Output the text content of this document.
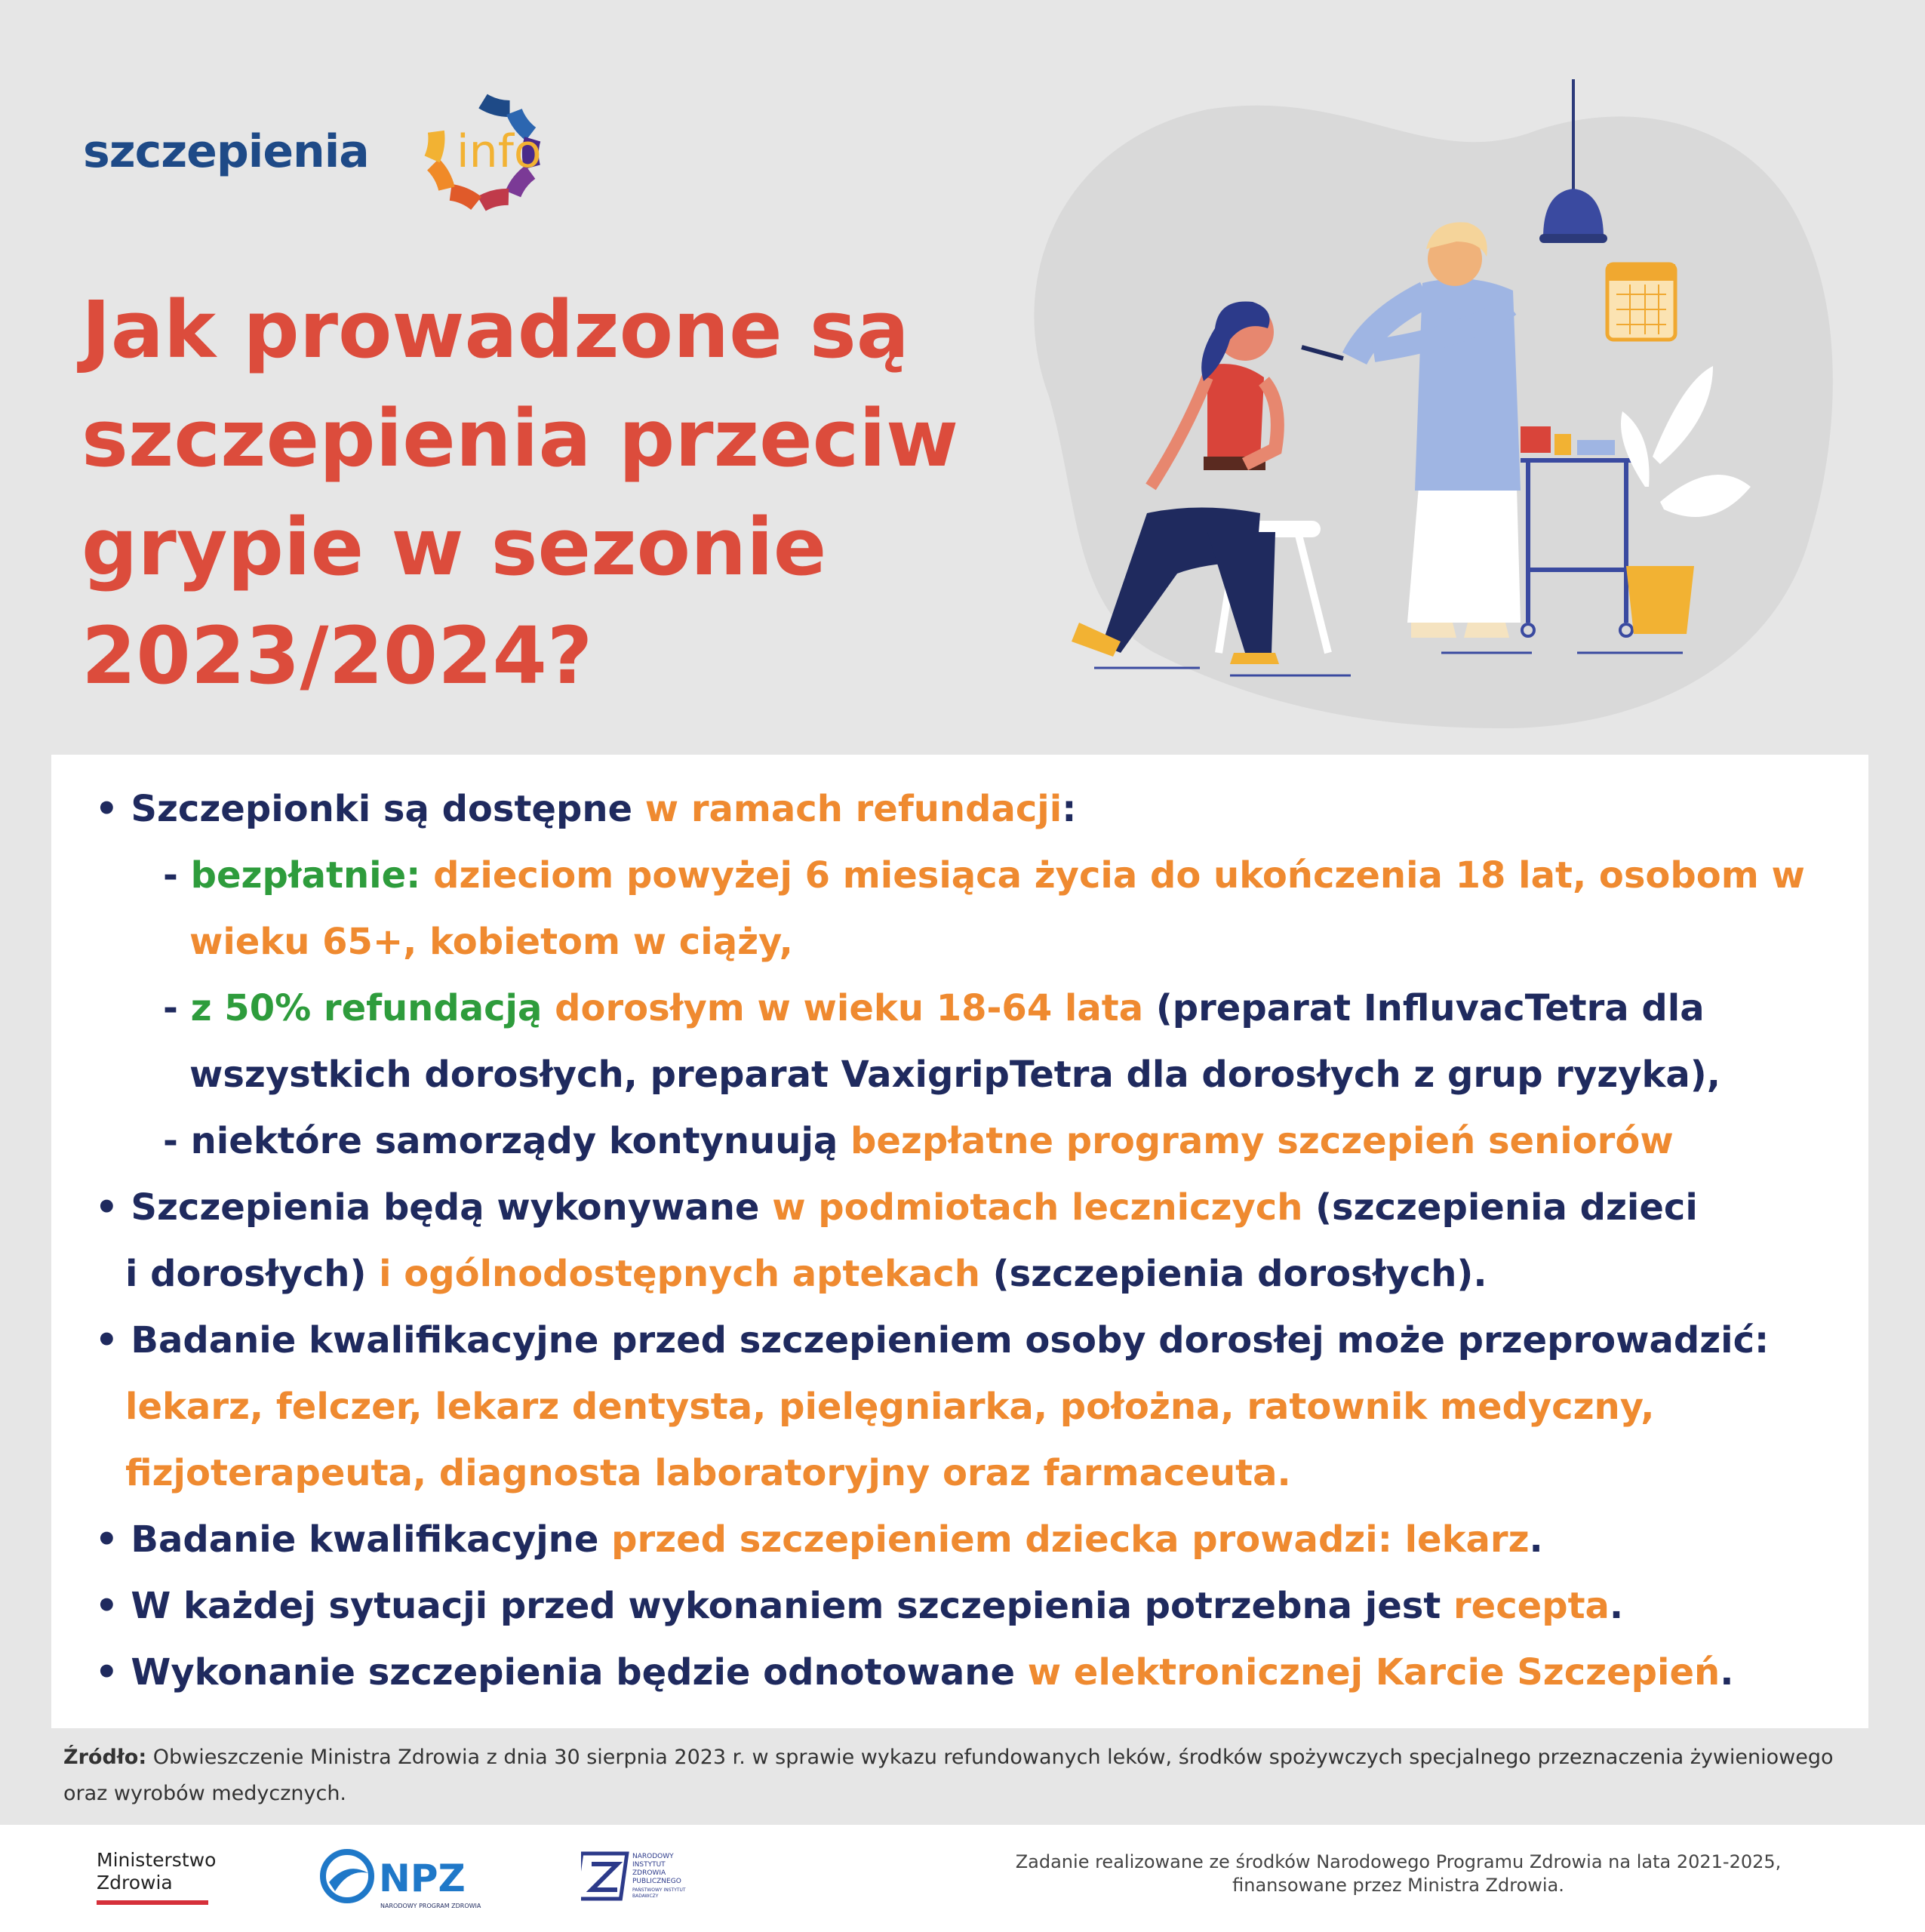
szczepienia info
Jak prowadzone są
szczepienia przeciw
grypie w sezonie
2023/2024?
• Szczepionki są dostępne w ramach refundacji:
- bezpłatnie: dzieciom powyżej 6 miesiąca życia do ukończenia 18 lat, osobom w
wieku 65+, kobietom w ciąży,
- z 50% refundacją dorosłym w wieku 18-64 lata (preparat InfluvacTetra dla
wszystkich dorosłych, preparat VaxigripTetra dla dorosłych z grup ryzyka),
- niektóre samorządy kontynuują bezpłatne programy szczepień seniorów
• Szczepienia będą wykonywane w podmiotach leczniczych (szczepienia dzieci
i dorosłych) i ogólnodostępnych aptekach (szczepienia dorosłych).
• Badanie kwalifikacyjne przed szczepieniem osoby dorosłej może przeprowadzić:
lekarz, felczer, lekarz dentysta, pielęgniarka, położna, ratownik medyczny,
fizjoterapeuta, diagnosta laboratoryjny oraz farmaceuta.
• Badanie kwalifikacyjne przed szczepieniem dziecka prowadzi: lekarz.
• W każdej sytuacji przed wykonaniem szczepienia potrzebna jest recepta.
• Wykonanie szczepienia będzie odnotowane w elektronicznej Karcie Szczepień.
Źródło: Obwieszczenie Ministra Zdrowia z dnia 30 sierpnia 2023 r. w sprawie wykazu refundowanych leków, środków spożywczych specjalnego przeznaczenia żywieniowego oraz wyrobów medycznych.
Ministerstwo
Zdrowia	NPZ
NARODOWY PROGRAM ZDROWIA
NARODOWY
INSTYTUT
ZDROWIA
PUBLICZNEGO
PAŃSTWOWY INSTYTUT
BADAWCZY
Zadanie realizowane ze środków Narodowego Programu Zdrowia na lata 2021-2025,
finansowane przez Ministra Zdrowia.
